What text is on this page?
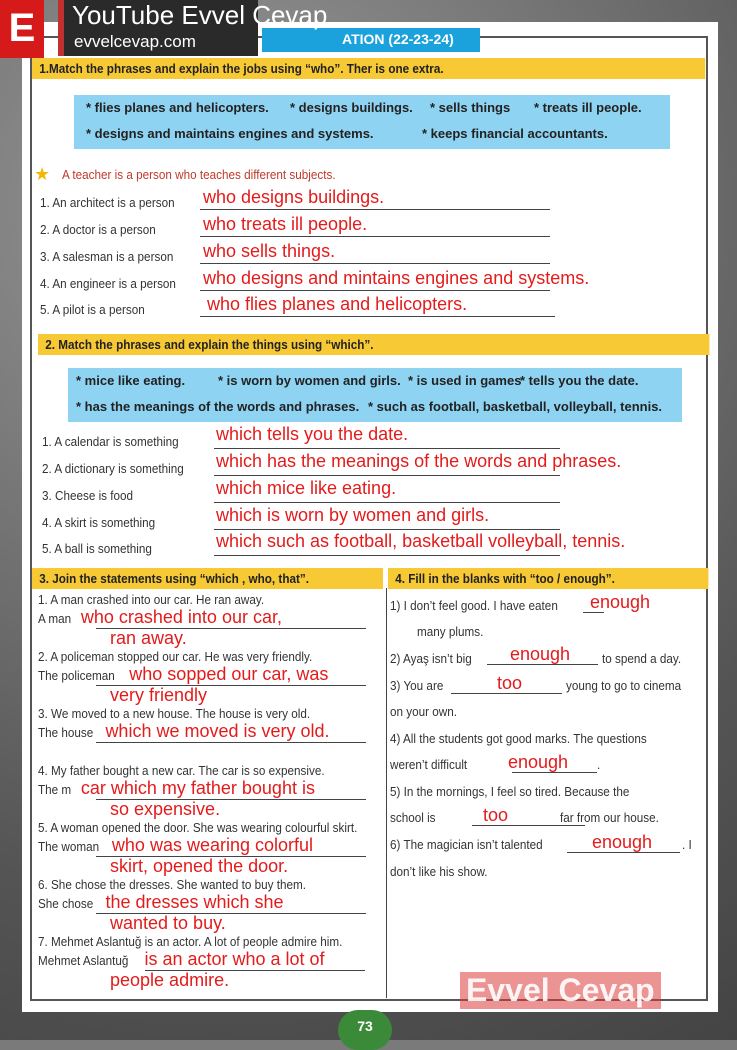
ATION (22-23-24)
1.Match the phrases and explain the jobs using “who”. Ther is one extra.
* flies planes and helicopters. * designs buildings. * sells things * treats ill people.
* designs and maintains engines and systems.	* keeps financial accountants.
★ A teacher is a person who teaches different subjects.
2. Match the phrases and explain the things using “which”.
* mice like eating.	* is worn by women and girls. * is used in games
* tells you the date.
* has the meanings of the words and phrases. * such as football, basketball, volleyball, tennis.
3. Join the statements using “which , who, that”.	4. Fill in the blanks with “too / enough”.
Evvel Cevap
73
E	YouTube Evvel Cevap
evvelcevap.com
1. An architect is a person who designs buildings.
2. A doctor is a person	who treats ill people.
3. A salesman is a person who sells things.
4. An engineer is a person who designs and mintains engines and systems.
5. A pilot is a person	who flies planes and helicopters.
1. A calendar is something which tells you the date.
2. A dictionary is something which has the meanings of the words and phrases.
3. Cheese is food	which mice like eating.
4. A skirt is something	which is worn by women and girls.
5. A ball is something	which such as football, basketball volleyball, tennis.
1. A man crashed into our car. He ran away.
A man who crashed into our car,
ran away.
2. A policeman stopped our car. He was very friendly.
The policeman who sopped our car, was
very friendly
3. We moved to a new house. The house is very old.
The house which we moved is very old.
4. My father bought a new car. The car is so expensive.
The m car which my father bought is
so expensive.
5. A woman opened the door. She was wearing colourful skirt.
The woman who was wearing colorful
skirt, opened the door.
6. She chose the dresses. She wanted to buy them.
She chose the dresses which she
wanted to buy.
7. Mehmet Aslantuğ is an actor. A lot of people admire him.
Mehmet Aslantuğ is an actor who a lot of
people admire.
1) I don’t feel good. I have eaten
many plums.
2) Ayaş isn’t big	to spend a day.
3) You are	young to go to cinema
on your own.
4) All the students got good marks. The questions
weren’t difficult	.
5) In the mornings, I feel so tired. Because the
school is	far from our house.
6) The magician isn’t talented	. I
don’t like his show.
enough
enough
too
enough
too
enough
